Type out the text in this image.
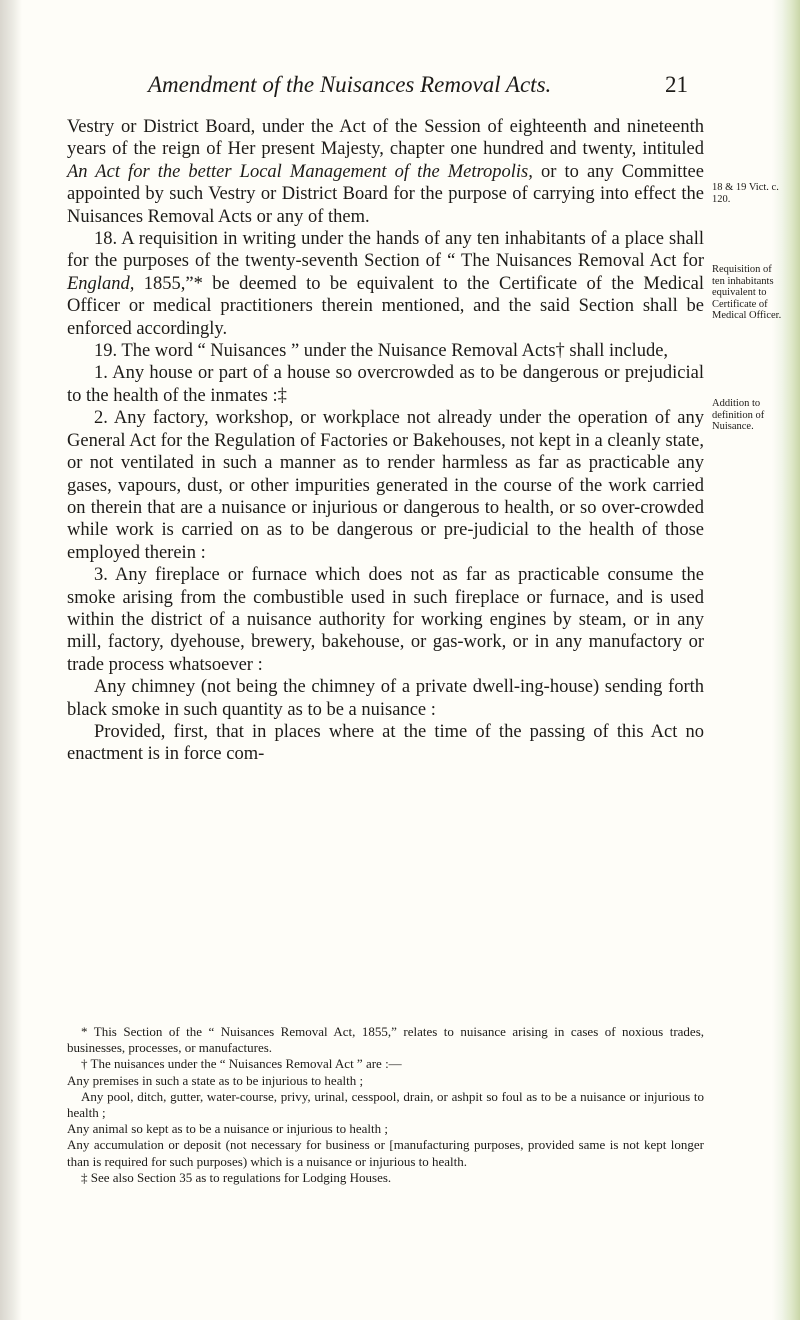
Amendment of the Nuisances Removal Acts.	21

Vestry or District Board, under the Act of the Session of eighteenth and nineteenth years of the reign of Her present Majesty, chapter one hundred and twenty, intituled An Act for the better Local Management of the Metropolis, or to any Committee appointed by such Vestry or District Board for the purpose of carrying into effect the Nuisances Removal Acts or any of them.

18. A requisition in writing under the hands of any ten inhabitants of a place shall for the purposes of the twenty-seventh Section of “ The Nuisances Removal Act for England, 1855,”* be deemed to be equivalent to the Certificate of the Medical Officer or medical practitioners therein mentioned, and the said Section shall be enforced accordingly.

19. The word “ Nuisances ” under the Nuisance Removal Acts† shall include,

1. Any house or part of a house so overcrowded as to be dangerous or prejudicial to the health of the inmates :‡

2. Any factory, workshop, or workplace not already under the operation of any General Act for the Regulation of Factories or Bakehouses, not kept in a cleanly state, or not ventilated in such a manner as to render harmless as far as practicable any gases, vapours, dust, or other impurities generated in the course of the work carried on therein that are a nuisance or injurious or dangerous to health, or so over-crowded while work is carried on as to be dangerous or pre-judicial to the health of those employed therein :

3. Any fireplace or furnace which does not as far as practicable consume the smoke arising from the combustible used in such fireplace or furnace, and is used within the district of a nuisance authority for working engines by steam, or in any mill, factory, dyehouse, brewery, bakehouse, or gas-work, or in any manufactory or trade process whatsoever :

Any chimney (not being the chimney of a private dwell-ing-house) sending forth black smoke in such quantity as to be a nuisance :

Provided, first, that in places where at the time of the passing of this Act no enactment is in force com-

18 & 19 Vict. c. 120.
Requisition of ten inhabitants equivalent to Certificate of Medical Officer.
Addition to definition of Nuisance.

* This Section of the “ Nuisances Removal Act, 1855,” relates to nuisance arising in cases of noxious trades, businesses, processes, or manufactures.

† The nuisances under the “ Nuisances Removal Act ” are :—

Any premises in such a state as to be injurious to health ;

Any pool, ditch, gutter, water-course, privy, urinal, cesspool, drain, or ashpit so foul as to be a nuisance or injurious to health ;

Any animal so kept as to be a nuisance or injurious to health ;

Any accumulation or deposit (not necessary for business or [manufacturing purposes, provided same is not kept longer than is required for such purposes) which is a nuisance or injurious to health.

‡ See also Section 35 as to regulations for Lodging Houses.
